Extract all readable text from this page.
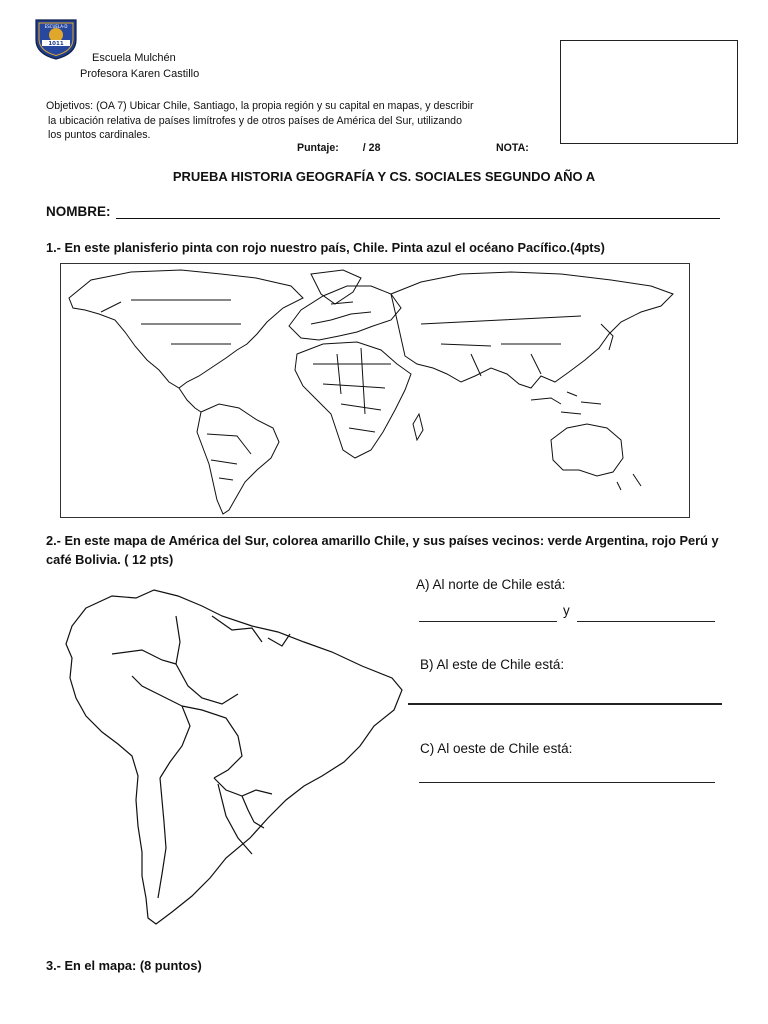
1011
ESCUELA-D
Escuela Mulchén
Profesora Karen Castillo
Objetivos: (OA 7) Ubicar Chile, Santiago, la propia región y su capital en mapas, y describir
la ubicación relativa de países limítrofes y de otros países de América del Sur, utilizando
los puntos cardinales.
Puntaje: / 28	NOTA:
PRUEBA HISTORIA GEOGRAFÍA Y CS. SOCIALES SEGUNDO AÑO A
NOMBRE:
1.- En este planisferio pinta con rojo nuestro país, Chile. Pinta azul el océano Pacífico.(4pts)
2.- En este mapa de América del Sur, colorea amarillo Chile, y sus países vecinos: verde Argentina, rojo Perú y café Bolivia. ( 12 pts)
A) Al norte de Chile está:
y
B) Al este de Chile está:
C) Al oeste de Chile está:
3.- En el mapa: (8 puntos)
